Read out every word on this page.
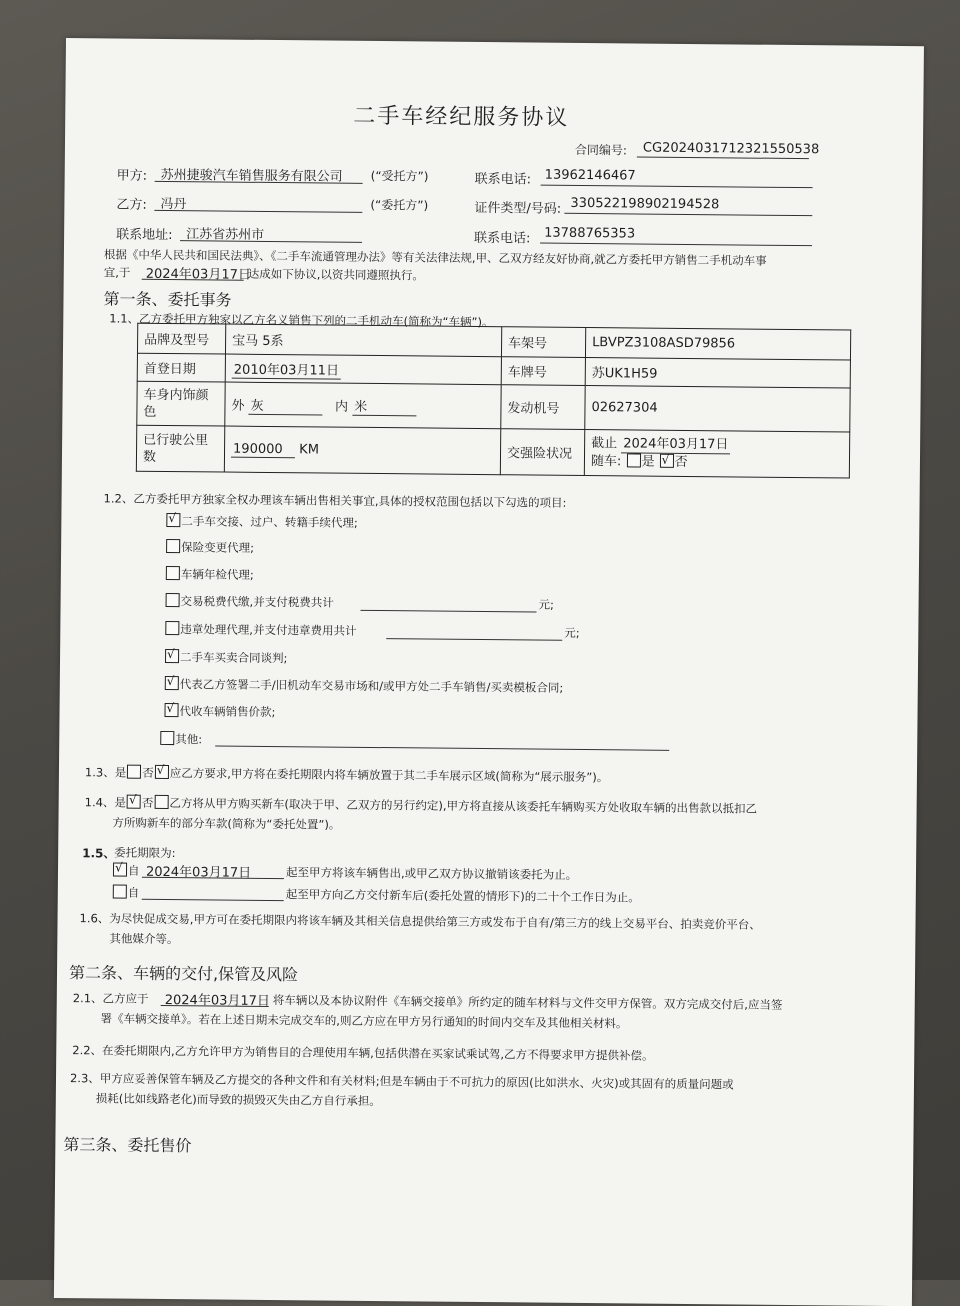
二手车经纪服务协议
合同编号: CG2024031712321550538
甲方: 苏州捷骏汽车销售服务有限公司 (“受托方”)	联系电话: 13962146467
乙方: 冯丹	(“委托方”)	证件类型/号码: 330522198902194528
联系地址: 江苏省苏州市	联系电话: 13788765353
根据《中华人民共和国民法典》、《二手车流通管理办法》等有关法律法规,甲、乙双方经友好协商,就乙方委托甲方销售二手机动车事
宜,于 2024年03月17日
达成如下协议,以资共同遵照执行。
第一条、委托事务
1.1、乙方委托甲方独家以乙方名义销售下列的二手机动车(简称为“车辆”)。
品牌及型号	宝马 5系	车架号	LBVPZ3108ASD79856
首登日期	2010年03月11日	车牌号	苏UK1H59
车身内饰颜色	外 灰 内 米	发动机号	02627304
已行驶公里数	190000 KM	交强险状况	截止 2024年03月17日
随车: 是 √ 否
1.2、乙方委托甲方独家全权办理该车辆出售相关事宜,具体的授权范围包括以下勾选的项目:
√二手车交接、过户、转籍手续代理;
保险变更代理;
车辆年检代理;
交易税费代缴,并支付税费共计	元;
违章处理代理,并支付违章费用共计	元;
√二手车买卖合同谈判;
√代表乙方签署二手/旧机动车交易市场和/或甲方处二手车销售/买卖模板合同;
√代收车辆销售价款;
其他:
1.3、是 否 √ 应乙方要求,甲方将在委托期限内将车辆放置于其二手车展示区域(简称为“展示服务”)。
1.4、是 √ 否 乙方将从甲方购买新车(取决于甲、乙双方的另行约定),甲方将直接从该委托车辆购买方处收取车辆的出售款以抵扣乙
方所购新车的部分车款(简称为“委托处置”)。
1.5、
委托期限为:
√自 2024年03月17日	起至甲方将该车辆售出,或甲乙双方协议撤销该委托为止。
自	起至甲方向乙方交付新车后(委托处置的情形下)的二十个工作日为止。
1.6、为尽快促成交易,甲方可在委托期限内将该车辆及其相关信息提供给第三方或发布于自有/第三方的线上交易平台、拍卖竞价平台、
其他媒介等。
第二条、车辆的交付,保管及风险
2.1、乙方应于 2024年03月17日 将车辆以及本协议附件《车辆交接单》所约定的随车材料与文件交甲方保管。双方完成交付后,应当签
署《车辆交接单》。若在上述日期未完成交车的,则乙方应在甲方另行通知的时间内交车及其他相关材料。
2.2、在委托期限内,乙方允许甲方为销售目的合理使用车辆,包括供潜在买家试乘试驾,乙方不得要求甲方提供补偿。
2.3、甲方应妥善保管车辆及乙方提交的各种文件和有关材料;但是车辆由于不可抗力的原因(比如洪水、火灾)或其固有的质量问题或
损耗(比如线路老化)而导致的损毁灭失由乙方自行承担。
第三条、委托售价
